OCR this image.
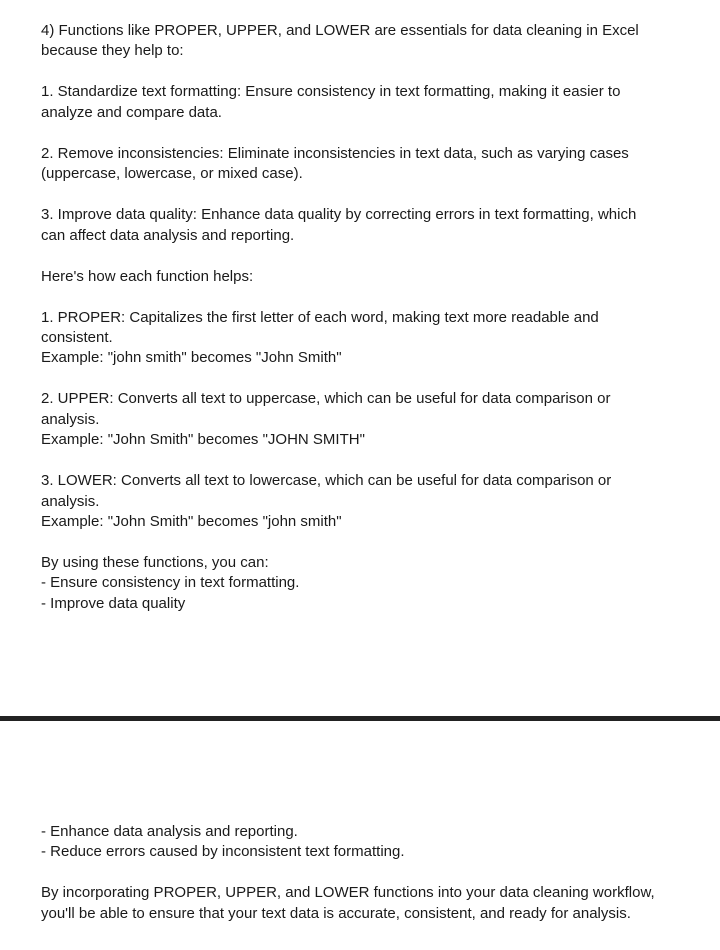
4) Functions like PROPER, UPPER, and LOWER are essentials for data cleaning in Excel
because they help to:

1. Standardize text formatting: Ensure consistency in text formatting, making it easier to
analyze and compare data.

2. Remove inconsistencies: Eliminate inconsistencies in text data, such as varying cases
(uppercase, lowercase, or mixed case).

3. Improve data quality: Enhance data quality by correcting errors in text formatting, which
can affect data analysis and reporting.

Here's how each function helps:

1. PROPER: Capitalizes the first letter of each word, making text more readable and
consistent.
Example: "john smith" becomes "John Smith"

2. UPPER: Converts all text to uppercase, which can be useful for data comparison or
analysis.
Example: "John Smith" becomes "JOHN SMITH"

3. LOWER: Converts all text to lowercase, which can be useful for data comparison or
analysis.
Example: "John Smith" becomes "john smith"

By using these functions, you can:
- Ensure consistency in text formatting.
- Improve data quality

- Enhance data analysis and reporting.
- Reduce errors caused by inconsistent text formatting.

By incorporating PROPER, UPPER, and LOWER functions into your data cleaning workflow,
you'll be able to ensure that your text data is accurate, consistent, and ready for analysis.
